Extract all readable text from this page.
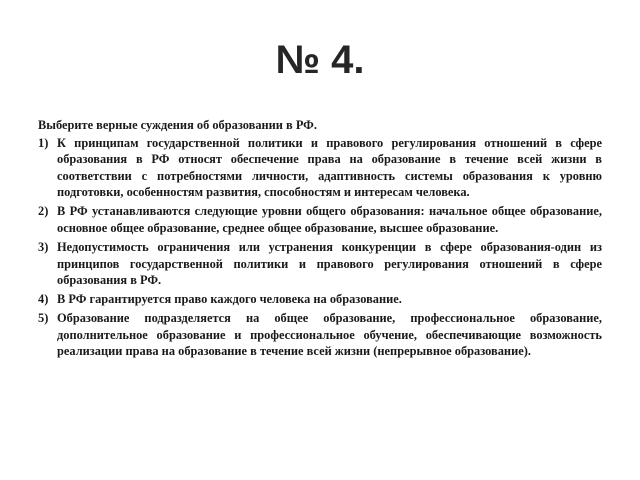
№ 4.
Выберите верные суждения об образовании в РФ.
1) К принципам государственной политики и правового регулирования отношений в сфере образования в РФ относят обеспечение права на образование в течение всей жизни в соответствии с потребностями личности, адаптивность системы образования к уровню подготовки, особенностям развития, способностям и интересам человека.
2) В РФ устанавливаются следующие уровни общего образования: начальное общее образование, основное общее образование, среднее общее образование, высшее образование.
3) Недопустимость ограничения или устранения конкуренции в сфере образования-один из принципов государственной политики и правового регулирования отношений в сфере образования в РФ.
4) В РФ гарантируется право каждого человека на образование.
5) Образование подразделяется на общее образование, профессиональное образование, дополнительное образование и профессиональное обучение, обеспечивающие возможность реализации права на образование в течение всей жизни (непрерывное образование).
